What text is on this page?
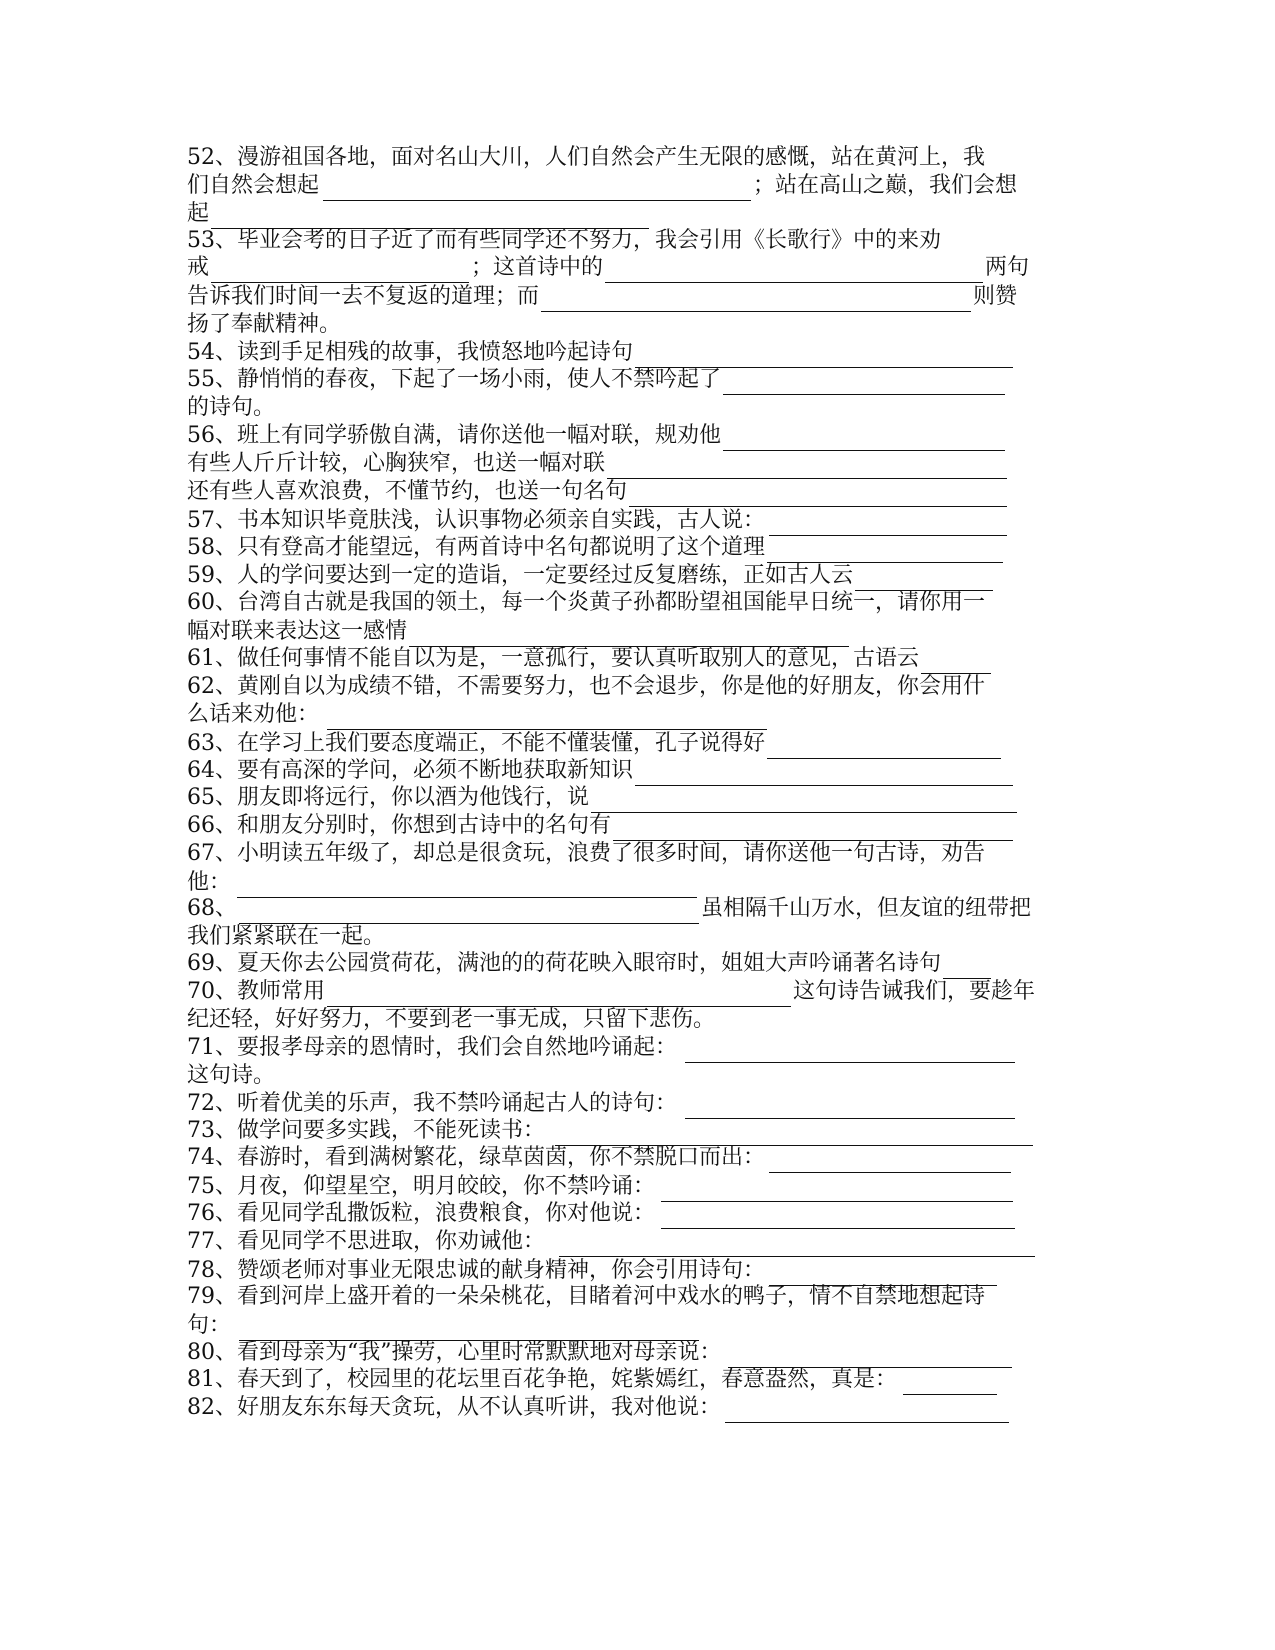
52、漫游祖国各地，面对名山大川，人们自然会产生无限的感慨，站在黄河上，我
们自然会想起	；站在高山之巅，我们会想
起
53、毕业会考的日子近了而有些同学还不努力，我会引用《长歌行》中的来劝
戒	；这首诗中的	两句
告诉我们时间一去不复返的道理；而	则赞
扬了奉献精神。
54、读到手足相残的故事，我愤怒地吟起诗句
55、静悄悄的春夜，下起了一场小雨，使人不禁吟起了
的诗句。
56、班上有同学骄傲自满，请你送他一幅对联，规劝他
有些人斤斤计较，心胸狭窄，也送一幅对联
还有些人喜欢浪费，不懂节约，也送一句名句
57、书本知识毕竟肤浅，认识事物必须亲自实践，古人说：
58、只有登高才能望远，有两首诗中名句都说明了这个道理
59、人的学问要达到一定的造诣，一定要经过反复磨练，正如古人云
60、台湾自古就是我国的领土，每一个炎黄子孙都盼望祖国能早日统一，请你用一
幅对联来表达这一感情
61、做任何事情不能自以为是，一意孤行，要认真听取别人的意见，古语云
62、黄刚自以为成绩不错，不需要努力，也不会退步，你是他的好朋友，你会用什
么话来劝他：
63、在学习上我们要态度端正，不能不懂装懂，孔子说得好
64、要有高深的学问，必须不断地获取新知识
65、朋友即将远行，你以酒为他饯行，说
66、和朋友分别时，你想到古诗中的名句有
67、小明读五年级了，却总是很贪玩，浪费了很多时间，请你送他一句古诗，劝告
他：
68、	虽相隔千山万水，但友谊的纽带把
我们紧紧联在一起。
69、夏天你去公园赏荷花，满池的的荷花映入眼帘时，姐姐大声吟诵著名诗句
70、教师常用	这句诗告诫我们，要趁年
纪还轻，好好努力，不要到老一事无成，只留下悲伤。
71、要报孝母亲的恩情时，我们会自然地吟诵起：
这句诗。
72、听着优美的乐声，我不禁吟诵起古人的诗句：
73、做学问要多实践，不能死读书：
74、春游时，看到满树繁花，绿草茵茵，你不禁脱口而出：
75、月夜，仰望星空，明月皎皎，你不禁吟诵：
76、看见同学乱撒饭粒，浪费粮食，你对他说：
77、看见同学不思进取，你劝诫他：
78、赞颂老师对事业无限忠诚的献身精神，你会引用诗句：
79、看到河岸上盛开着的一朵朵桃花，目睹着河中戏水的鸭子，情不自禁地想起诗
句：
80、看到母亲为“我”操劳，心里时常默默地对母亲说：
81、春天到了，校园里的花坛里百花争艳，姹紫嫣红，春意盎然，真是：
82、好朋友东东每天贪玩，从不认真听讲，我对他说：
